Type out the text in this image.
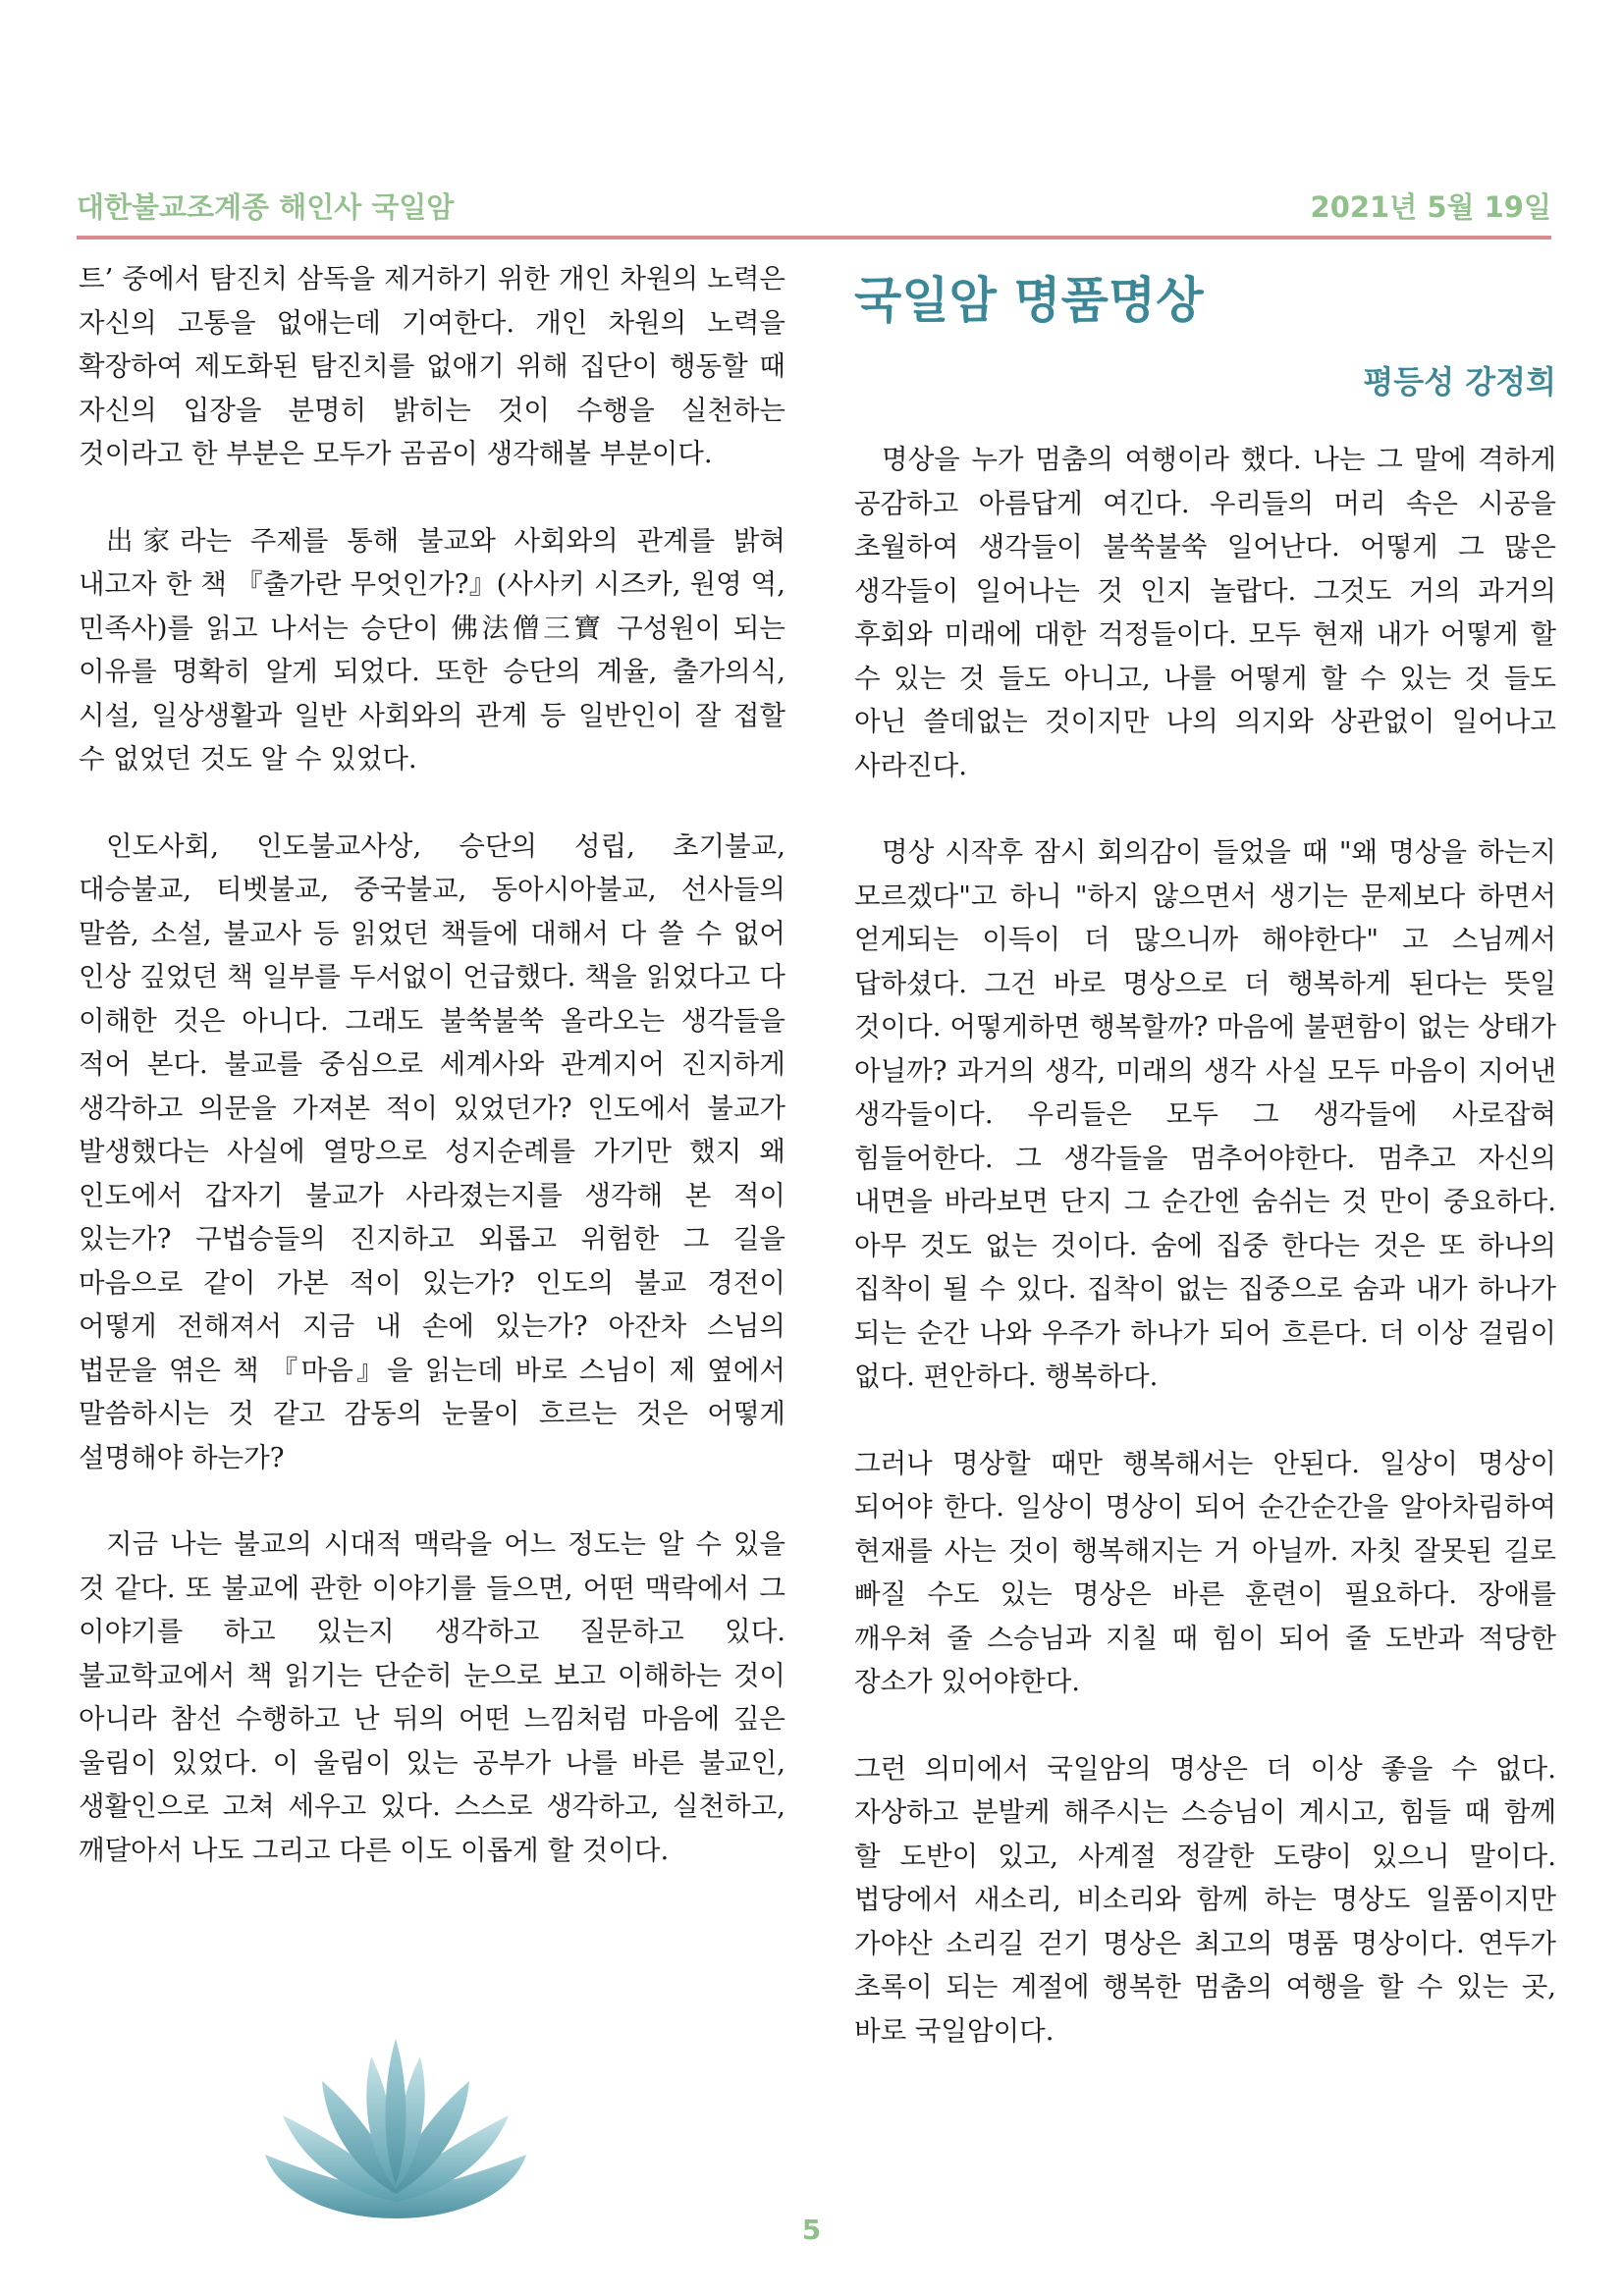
대한불교조계종 해인사 국일암	2021년 5월 19일

트’ 중에서 탐진치 삼독을 제거하기 위한 개인 차원의 노력은 자신의 고통을 없애는데 기여한다. 개인 차원의 노력을 확장하여 제도화된 탐진치를 없애기 위해 집단이 행동할 때 자신의 입장을 분명히 밝히는 것이 수행을 실천하는 것이라고 한 부분은 모두가 곰곰이 생각해볼 부분이다.

出家라는 주제를 통해 불교와 사회와의 관계를 밝혀 내고자 한 책 『출가란 무엇인가?』(사사키 시즈카, 원영 역, 민족사)를 읽고 나서는 승단이 佛法僧三寶 구성원이 되는 이유를 명확히 알게 되었다. 또한 승단의 계율, 출가의식, 시설, 일상생활과 일반 사회와의 관계 등 일반인이 잘 접할 수 없었던 것도 알 수 있었다.

인도사회, 인도불교사상, 승단의 성립, 초기불교, 대승불교, 티벳불교, 중국불교, 동아시아불교, 선사들의 말씀, 소설, 불교사 등 읽었던 책들에 대해서 다 쓸 수 없어 인상 깊었던 책 일부를 두서없이 언급했다. 책을 읽었다고 다 이해한 것은 아니다. 그래도 불쑥불쑥 올라오는 생각들을 적어 본다. 불교를 중심으로 세계사와 관계지어 진지하게 생각하고 의문을 가져본 적이 있었던가? 인도에서 불교가 발생했다는 사실에 열망으로 성지순례를 가기만 했지 왜 인도에서 갑자기 불교가 사라졌는지를 생각해 본 적이 있는가? 구법승들의 진지하고 외롭고 위험한 그 길을 마음으로 같이 가본 적이 있는가? 인도의 불교 경전이 어떻게 전해져서 지금 내 손에 있는가? 아잔차 스님의 법문을 엮은 책 『마음』을 읽는데 바로 스님이 제 옆에서 말씀하시는 것 같고 감동의 눈물이 흐르는 것은 어떻게 설명해야 하는가?

지금 나는 불교의 시대적 맥락을 어느 정도는 알 수 있을 것 같다. 또 불교에 관한 이야기를 들으면, 어떤 맥락에서 그 이야기를 하고 있는지 생각하고 질문하고 있다. 불교학교에서 책 읽기는 단순히 눈으로 보고 이해하는 것이 아니라 참선 수행하고 난 뒤의 어떤 느낌처럼 마음에 깊은 울림이 있었다. 이 울림이 있는 공부가 나를 바른 불교인, 생활인으로 고쳐 세우고 있다. 스스로 생각하고, 실천하고, 깨달아서 나도 그리고 다른 이도 이롭게 할 것이다.

국일암 명품명상
평등성 강정희

명상을 누가 멈춤의 여행이라 했다. 나는 그 말에 격하게 공감하고 아름답게 여긴다. 우리들의 머리 속은 시공을 초월하여 생각들이 불쑥불쑥 일어난다. 어떻게 그 많은 생각들이 일어나는 것 인지 놀랍다. 그것도 거의 과거의 후회와 미래에 대한 걱정들이다. 모두 현재 내가 어떻게 할 수 있는 것 들도 아니고, 나를 어떻게 할 수 있는 것 들도 아닌 쓸데없는 것이지만 나의 의지와 상관없이 일어나고 사라진다.

명상 시작후 잠시 회의감이 들었을 때 "왜 명상을 하는지 모르겠다"고 하니 "하지 않으면서 생기는 문제보다 하면서 얻게되는 이득이 더 많으니까 해야한다" 고 스님께서 답하셨다. 그건 바로 명상으로 더 행복하게 된다는 뜻일 것이다. 어떻게하면 행복할까? 마음에 불편함이 없는 상태가 아닐까? 과거의 생각, 미래의 생각 사실 모두 마음이 지어낸 생각들이다. 우리들은 모두 그 생각들에 사로잡혀 힘들어한다. 그 생각들을 멈추어야한다. 멈추고 자신의 내면을 바라보면 단지 그 순간엔 숨쉬는 것 만이 중요하다. 아무 것도 없는 것이다. 숨에 집중 한다는 것은 또 하나의 집착이 될 수 있다. 집착이 없는 집중으로 숨과 내가 하나가 되는 순간 나와 우주가 하나가 되어 흐른다. 더 이상 걸림이 없다. 편안하다. 행복하다.

그러나 명상할 때만 행복해서는 안된다. 일상이 명상이 되어야 한다. 일상이 명상이 되어 순간순간을 알아차림하여 현재를 사는 것이 행복해지는 거 아닐까. 자칫 잘못된 길로 빠질 수도 있는 명상은 바른 훈련이 필요하다. 장애를 깨우쳐 줄 스승님과 지칠 때 힘이 되어 줄 도반과 적당한 장소가 있어야한다.

그런 의미에서 국일암의 명상은 더 이상 좋을 수 없다. 자상하고 분발케 해주시는 스승님이 계시고, 힘들 때 함께 할 도반이 있고, 사계절 정갈한 도량이 있으니 말이다. 법당에서 새소리, 비소리와 함께 하는 명상도 일품이지만 가야산 소리길 걷기 명상은 최고의 명품 명상이다. 연두가 초록이 되는 계절에 행복한 멈춤의 여행을 할 수 있는 곳, 바로 국일암이다.

5
